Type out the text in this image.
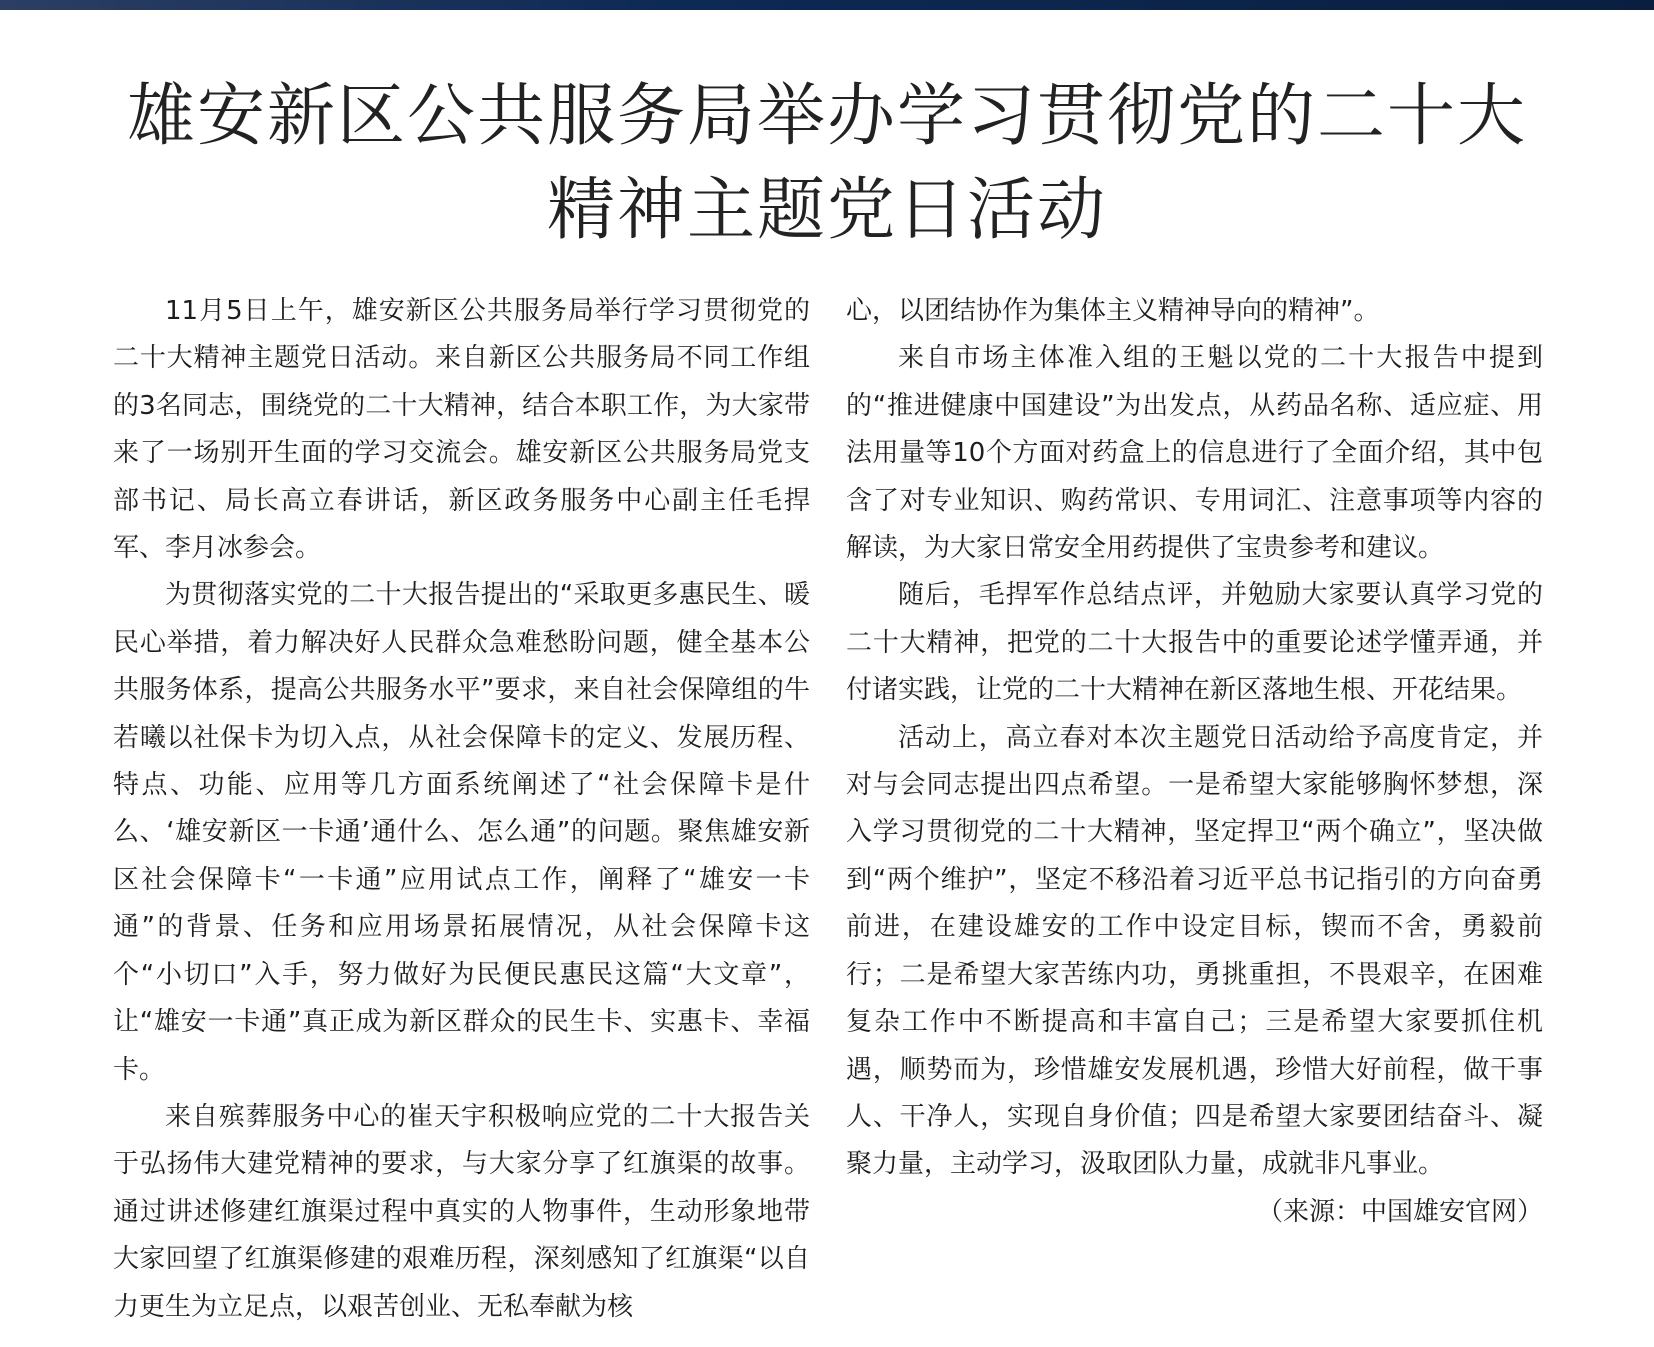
雄安新区公共服务局举办学习贯彻党的二十大
精神主题党日活动

11月5日上午，雄安新区公共服务局举行学习贯彻党的二十大精神主题党日活动。来自新区公共服务局不同工作组的3名同志，围绕党的二十大精神，结合本职工作，为大家带来了一场别开生面的学习交流会。雄安新区公共服务局党支部书记、局长高立春讲话，新区政务服务中心副主任毛捍军、李月冰参会。

为贯彻落实党的二十大报告提出的“采取更多惠民生、暖民心举措，着力解决好人民群众急难愁盼问题，健全基本公共服务体系，提高公共服务水平”要求，来自社会保障组的牛若曦以社保卡为切入点，从社会保障卡的定义、发展历程、特点、功能、应用等几方面系统阐述了“社会保障卡是什么、‘雄安新区一卡通’通什么、怎么通”的问题。聚焦雄安新区社会保障卡“一卡通”应用试点工作，阐释了“雄安一卡通”的背景、任务和应用场景拓展情况，从社会保障卡这个“小切口”入手，努力做好为民便民惠民这篇“大文章”，让“雄安一卡通”真正成为新区群众的民生卡、实惠卡、幸福卡。

来自殡葬服务中心的崔天宇积极响应党的二十大报告关于弘扬伟大建党精神的要求，与大家分享了红旗渠的故事。通过讲述修建红旗渠过程中真实的人物事件，生动形象地带大家回望了红旗渠修建的艰难历程，深刻感知了红旗渠“以自力更生为立足点，以艰苦创业、无私奉献为核

心，以团结协作为集体主义精神导向的精神”。

来自市场主体准入组的王魁以党的二十大报告中提到的“推进健康中国建设”为出发点，从药品名称、适应症、用法用量等10个方面对药盒上的信息进行了全面介绍，其中包含了对专业知识、购药常识、专用词汇、注意事项等内容的解读，为大家日常安全用药提供了宝贵参考和建议。

随后，毛捍军作总结点评，并勉励大家要认真学习党的二十大精神，把党的二十大报告中的重要论述学懂弄通，并付诸实践，让党的二十大精神在新区落地生根、开花结果。

活动上，高立春对本次主题党日活动给予高度肯定，并对与会同志提出四点希望。一是希望大家能够胸怀梦想，深入学习贯彻党的二十大精神，坚定捍卫“两个确立”，坚决做到“两个维护”，坚定不移沿着习近平总书记指引的方向奋勇前进，在建设雄安的工作中设定目标，锲而不舍，勇毅前行；二是希望大家苦练内功，勇挑重担，不畏艰辛，在困难复杂工作中不断提高和丰富自己；三是希望大家要抓住机遇，顺势而为，珍惜雄安发展机遇，珍惜大好前程，做干事人、干净人，实现自身价值；四是希望大家要团结奋斗、凝聚力量，主动学习，汲取团队力量，成就非凡事业。
（来源：中国雄安官网）
